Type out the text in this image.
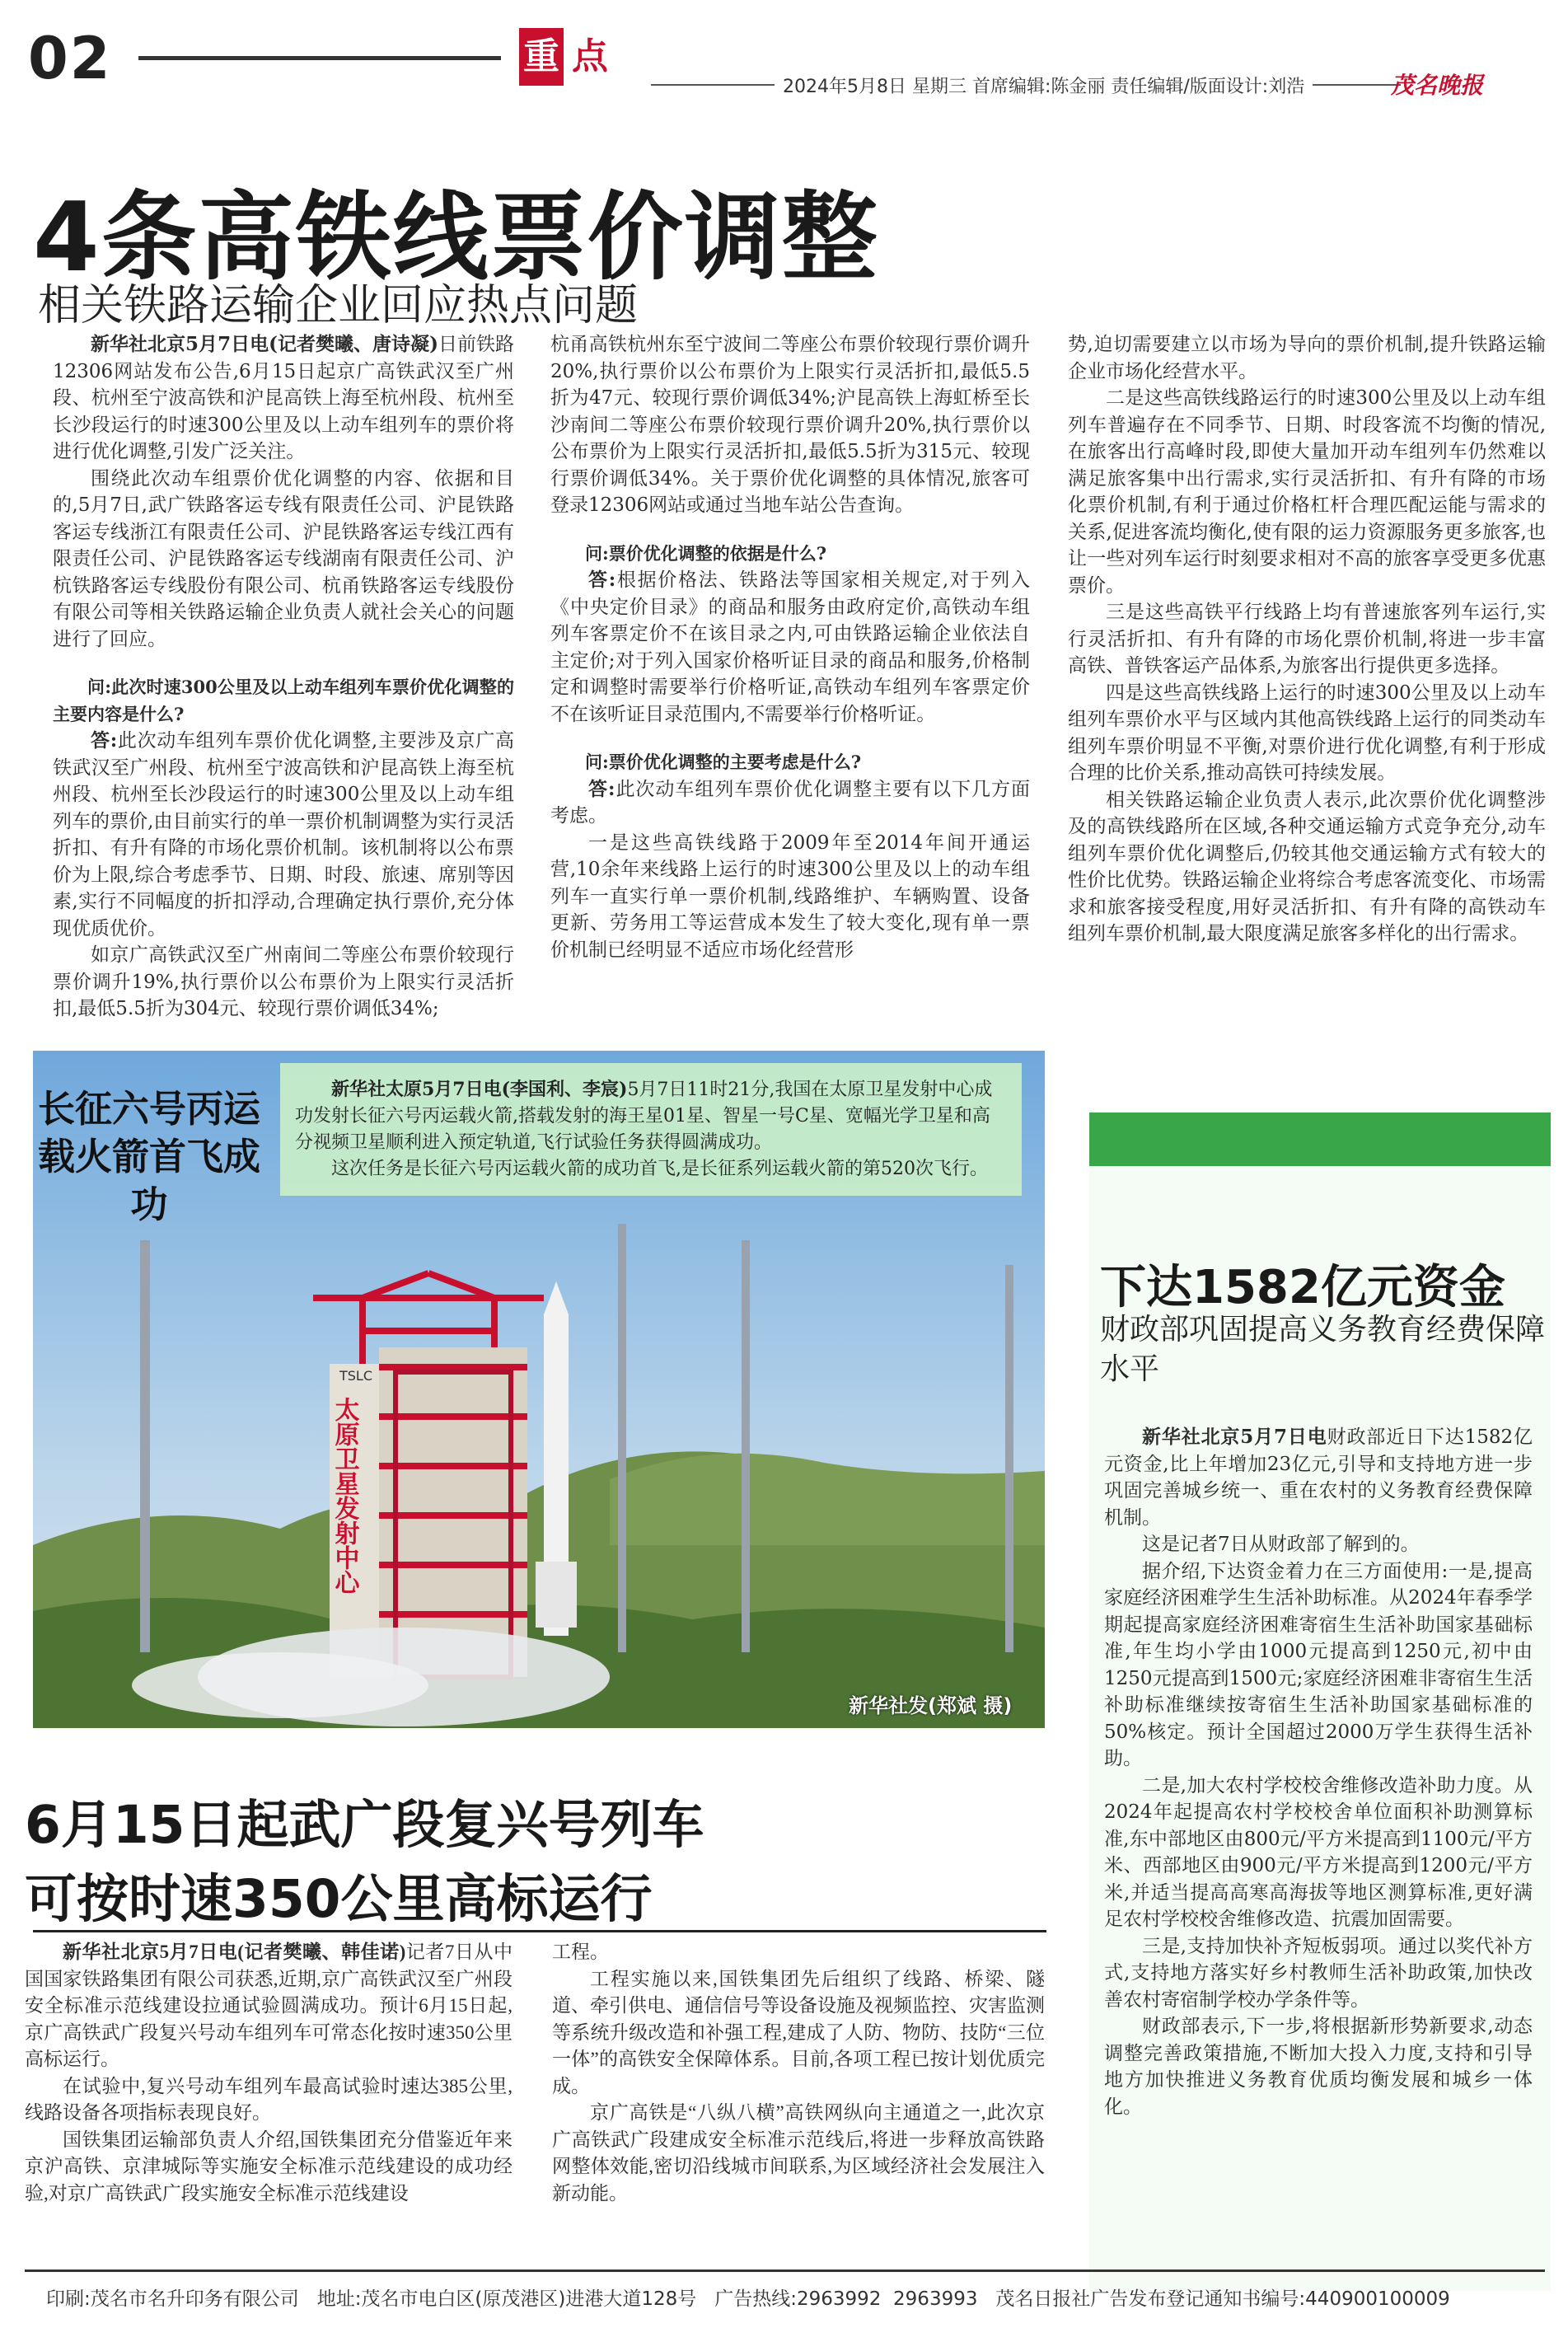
02	重 点
2024年5月8日 星期三 首席编辑:陈金丽 责任编辑/版面设计:刘浩	茂名晚报
4条高铁线票价调整
相关铁路运输企业回应热点问题

新华社北京5月7日电(记者樊曦、唐诗凝)日前铁路12306网站发布公告,6月15日起京广高铁武汉至广州段、杭州至宁波高铁和沪昆高铁上海至杭州段、杭州至长沙段运行的时速300公里及以上动车组列车的票价将进行优化调整,引发广泛关注。

围绕此次动车组票价优化调整的内容、依据和目的,5月7日,武广铁路客运专线有限责任公司、沪昆铁路客运专线浙江有限责任公司、沪昆铁路客运专线江西有限责任公司、沪昆铁路客运专线湖南有限责任公司、沪杭铁路客运专线股份有限公司、杭甬铁路客运专线股份有限公司等相关铁路运输企业负责人就社会关心的问题进行了回应。

问:此次时速300公里及以上动车组列车票价优化调整的主要内容是什么?

答:此次动车组列车票价优化调整,主要涉及京广高铁武汉至广州段、杭州至宁波高铁和沪昆高铁上海至杭州段、杭州至长沙段运行的时速300公里及以上动车组列车的票价,由目前实行的单一票价机制调整为实行灵活折扣、有升有降的市场化票价机制。该机制将以公布票价为上限,综合考虑季节、日期、时段、旅速、席别等因素,实行不同幅度的折扣浮动,合理确定执行票价,充分体现优质优价。

如京广高铁武汉至广州南间二等座公布票价较现行票价调升19%,执行票价以公布票价为上限实行灵活折扣,最低5.5折为304元、较现行票价调低34%;

杭甬高铁杭州东至宁波间二等座公布票价较现行票价调升20%,执行票价以公布票价为上限实行灵活折扣,最低5.5折为47元、较现行票价调低34%;沪昆高铁上海虹桥至长沙南间二等座公布票价较现行票价调升20%,执行票价以公布票价为上限实行灵活折扣,最低5.5折为315元、较现行票价调低34%。关于票价优化调整的具体情况,旅客可登录12306网站或通过当地车站公告查询。

问:票价优化调整的依据是什么?

答:根据价格法、铁路法等国家相关规定,对于列入《中央定价目录》的商品和服务由政府定价,高铁动车组列车客票定价不在该目录之内,可由铁路运输企业依法自主定价;对于列入国家价格听证目录的商品和服务,价格制定和调整时需要举行价格听证,高铁动车组列车客票定价不在该听证目录范围内,不需要举行价格听证。

问:票价优化调整的主要考虑是什么?

答:此次动车组列车票价优化调整主要有以下几方面考虑。

一是这些高铁线路于2009年至2014年间开通运营,10余年来线路上运行的时速300公里及以上的动车组列车一直实行单一票价机制,线路维护、车辆购置、设备更新、劳务用工等运营成本发生了较大变化,现有单一票价机制已经明显不适应市场化经营形

势,迫切需要建立以市场为导向的票价机制,提升铁路运输企业市场化经营水平。

二是这些高铁线路运行的时速300公里及以上动车组列车普遍存在不同季节、日期、时段客流不均衡的情况,在旅客出行高峰时段,即使大量加开动车组列车仍然难以满足旅客集中出行需求,实行灵活折扣、有升有降的市场化票价机制,有利于通过价格杠杆合理匹配运能与需求的关系,促进客流均衡化,使有限的运力资源服务更多旅客,也让一些对列车运行时刻要求相对不高的旅客享受更多优惠票价。

三是这些高铁平行线路上均有普速旅客列车运行,实行灵活折扣、有升有降的市场化票价机制,将进一步丰富高铁、普铁客运产品体系,为旅客出行提供更多选择。

四是这些高铁线路上运行的时速300公里及以上动车组列车票价水平与区域内其他高铁线路上运行的同类动车组列车票价明显不平衡,对票价进行优化调整,有利于形成合理的比价关系,推动高铁可持续发展。

相关铁路运输企业负责人表示,此次票价优化调整涉及的高铁线路所在区域,各种交通运输方式竞争充分,动车组列车票价优化调整后,仍较其他交通运输方式有较大的性价比优势。铁路运输企业将综合考虑客流变化、市场需求和旅客接受程度,用好灵活折扣、有升有降的高铁动车组列车票价机制,最大限度满足旅客多样化的出行需求。

太原卫星发射中心
TSLC
长征六号丙运载火箭首飞成功

新华社太原5月7日电(李国利、李宸)5月7日11时21分,我国在太原卫星发射中心成功发射长征六号丙运载火箭,搭载发射的海王星01星、智星一号C星、宽幅光学卫星和高分视频卫星顺利进入预定轨道,飞行试验任务获得圆满成功。

这次任务是长征六号丙运载火箭的成功首飞,是长征系列运载火箭的第520次飞行。

新华社发(郑斌 摄)
下达1582亿元资金
财政部巩固提高义务教育经费保障水平

新华社北京5月7日电财政部近日下达1582亿元资金,比上年增加23亿元,引导和支持地方进一步巩固完善城乡统一、重在农村的义务教育经费保障机制。

这是记者7日从财政部了解到的。

据介绍,下达资金着力在三方面使用:一是,提高家庭经济困难学生生活补助标准。从2024年春季学期起提高家庭经济困难寄宿生生活补助国家基础标准,年生均小学由1000元提高到1250元,初中由1250元提高到1500元;家庭经济困难非寄宿生生活补助标准继续按寄宿生生活补助国家基础标准的50%核定。预计全国超过2000万学生获得生活补助。

二是,加大农村学校校舍维修改造补助力度。从2024年起提高农村学校校舍单位面积补助测算标准,东中部地区由800元/平方米提高到1100元/平方米、西部地区由900元/平方米提高到1200元/平方米,并适当提高高寒高海拔等地区测算标准,更好满足农村学校校舍维修改造、抗震加固需要。

三是,支持加快补齐短板弱项。通过以奖代补方式,支持地方落实好乡村教师生活补助政策,加快改善农村寄宿制学校办学条件等。

财政部表示,下一步,将根据新形势新要求,动态调整完善政策措施,不断加大投入力度,支持和引导地方加快推进义务教育优质均衡发展和城乡一体化。

6月15日起武广段复兴号列车
可按时速350公里高标运行

新华社北京5月7日电(记者樊曦、韩佳诺)记者7日从中国国家铁路集团有限公司获悉,近期,京广高铁武汉至广州段安全标准示范线建设拉通试验圆满成功。预计6月15日起,京广高铁武广段复兴号动车组列车可常态化按时速350公里高标运行。

在试验中,复兴号动车组列车最高试验时速达385公里,线路设备各项指标表现良好。

国铁集团运输部负责人介绍,国铁集团充分借鉴近年来京沪高铁、京津城际等实施安全标准示范线建设的成功经验,对京广高铁武广段实施安全标准示范线建设

工程。

工程实施以来,国铁集团先后组织了线路、桥梁、隧道、牵引供电、通信信号等设备设施及视频监控、灾害监测等系统升级改造和补强工程,建成了人防、物防、技防“三位一体”的高铁安全保障体系。目前,各项工程已按计划优质完成。

京广高铁是“八纵八横”高铁网纵向主通道之一,此次京广高铁武广段建成安全标准示范线后,将进一步释放高铁路网整体效能,密切沿线城市间联系,为区域经济社会发展注入新动能。

印刷:茂名市名升印务有限公司 地址:茂名市电白区(原茂港区)进港大道128号 广告热线:2963992  2963993 茂名日报社广告发布登记通知书编号:440900100009
